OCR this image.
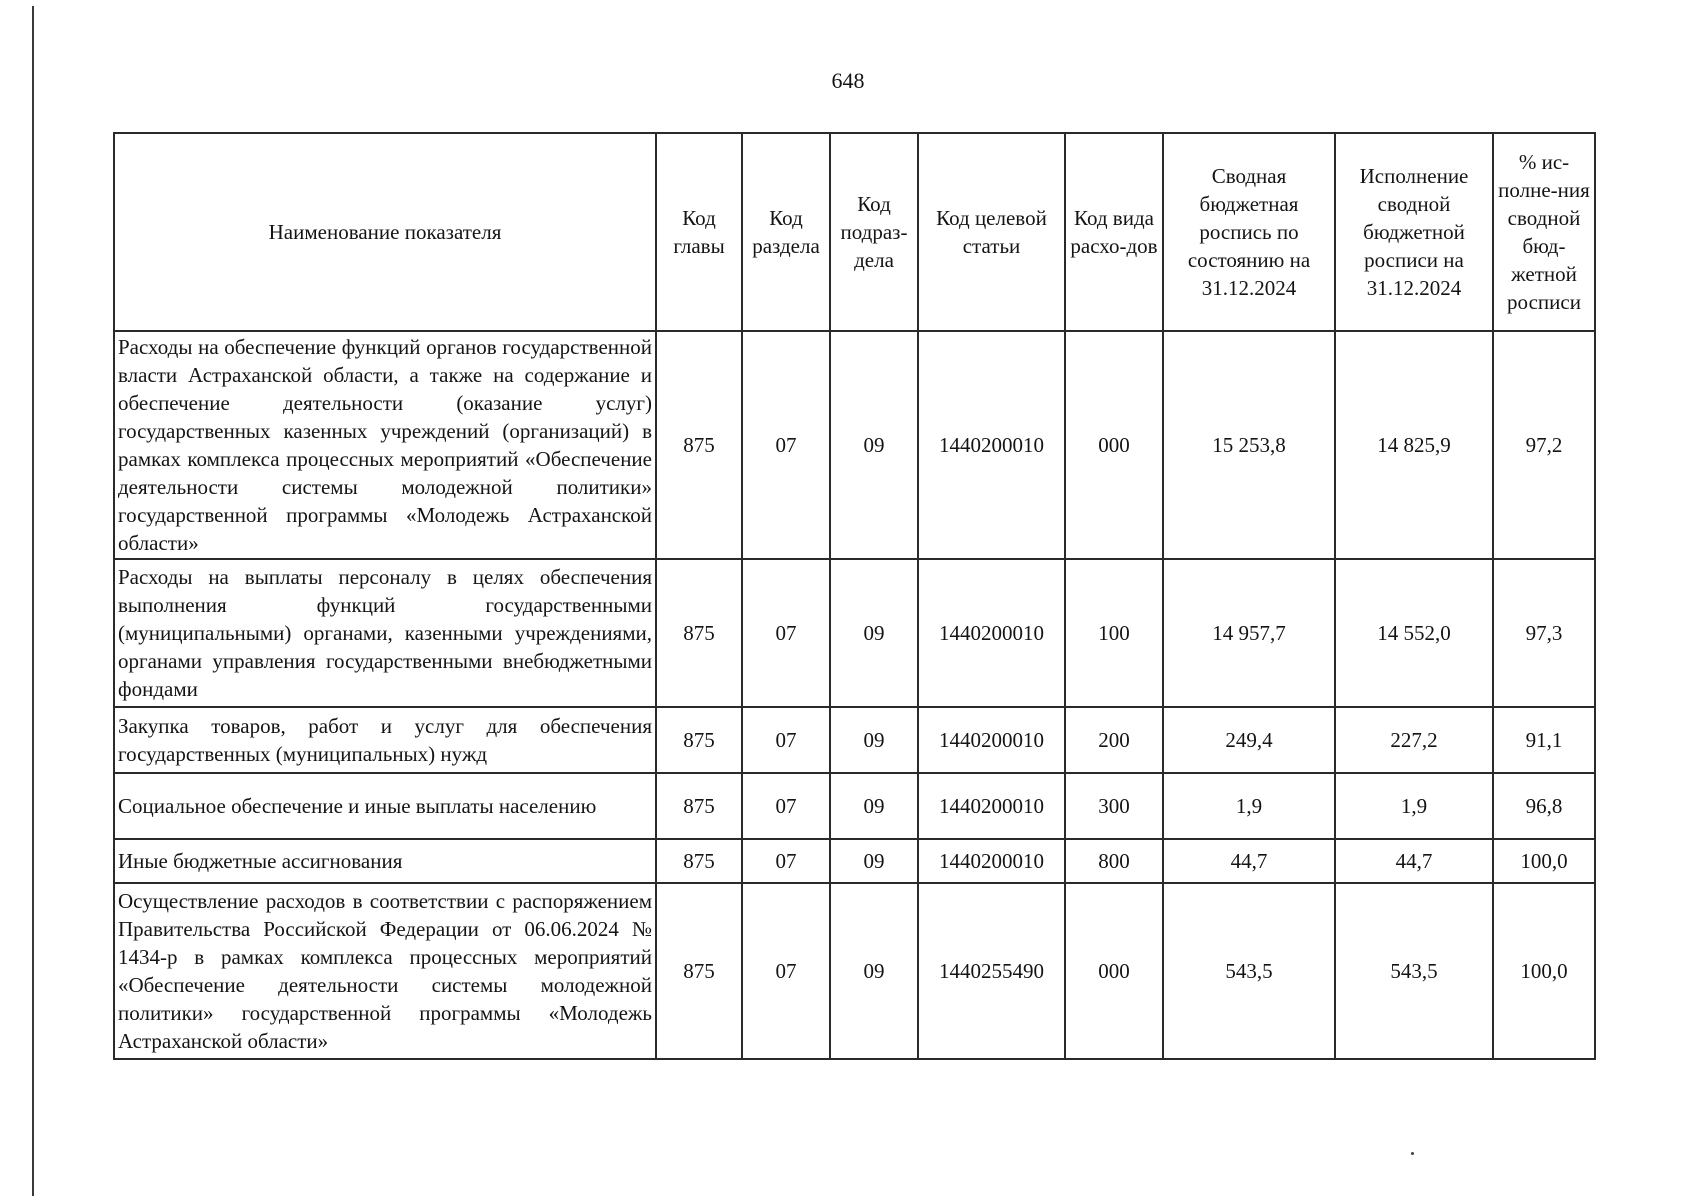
648
Наименование показателя	Код главы	Код раздела	Код подраз-дела	Код целевой статьи	Код вида расхо-дов	Сводная бюджетная роспись по состоянию на 31.12.2024	Исполнение сводной бюджетной росписи на 31.12.2024	% ис-полне-ния сводной бюд-жетной росписи
Расходы на обеспечение функций органов государственной власти Астраханской области, а также на содержание и обеспечение деятельности (оказание услуг) государственных казенных учреждений (организаций) в рамках комплекса процессных мероприятий «Обеспечение деятельности системы молодежной политики» государственной программы «Молодежь Астраханской области»	875	07	09	1440200010	000	15 253,8	14 825,9	97,2
Расходы на выплаты персоналу в целях обеспечения выполнения функций государственными (муниципальными) органами, казенными учреждениями, органами управления государственными внебюджетными фондами	875	07	09	1440200010	100	14 957,7	14 552,0	97,3
Закупка товаров, работ и услуг для обеспечения государственных (муниципальных) нужд	875	07	09	1440200010	200	249,4	227,2	91,1
Социальное обеспечение и иные выплаты населению	875	07	09	1440200010	300	1,9	1,9	96,8
Иные бюджетные ассигнования	875	07	09	1440200010	800	44,7	44,7	100,0
Осуществление расходов в соответствии с распоряжением Правительства Российской Федерации от 06.06.2024 № 1434-р в рамках комплекса процессных мероприятий «Обеспечение деятельности системы молодежной политики» государственной программы «Молодежь Астраханской области»	875	07	09	1440255490	000	543,5	543,5	100,0
